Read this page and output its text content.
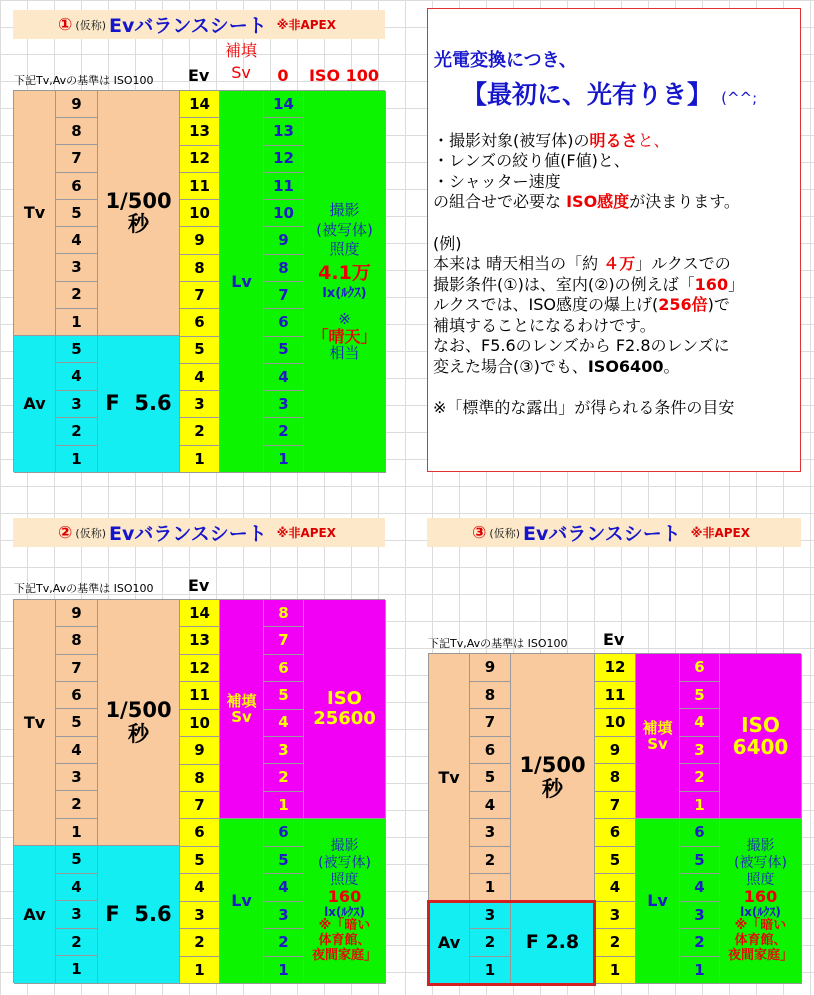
① (仮称) Evバランスシート ※非APEX
下記Tv,Avの基準は ISO100 Ev
補填
Sv	0	ISO 100
Tv
Av
9
8
7
6
5
4
3
2
1
5
4
3
2
1
1/500
秒
F  5.6
14
13
12
11
10
9
8
7
6
5
4
3
2
1
Lv
14
13
12
11
10
9
8
7
6
5
4
3
2
1
撮影
(被写体)
照度
4.1万
lx(ﾙｸｽ)
※
「晴天」
相当
光電変換につき、
【最初に、光有りき】 (^^;
・撮影対象(被写体)の明るさと、
・レンズの絞り値(F値)と、
・シャッター速度
の組合せで必要な ISO感度が決まります。
(例)
本来は 晴天相当の「約 ４万」ルクスでの
撮影条件(①)は、室内(②)の例えば「160」
ルクスでは、ISO感度の爆上げ(256倍)で
補填することになるわけです。
なお、F5.6のレンズから F2.8のレンズに
変えた場合(③)でも、ISO6400。
※「標準的な露出」が得られる条件の目安
② (仮称) Evバランスシート ※非APEX
下記Tv,Avの基準は ISO100 Ev
Tv
Av
9
8
7
6
5
4
3
2
1
5
4
3
2
1
1/500
秒
F  5.6
14
13
12
11
10
9
8
7
6
5
4
3
2
1
補填
Sv
Lv
8
7
6
5
4
3
2
1
6
5
4
3
2
1
ISO
25600
撮影
(被写体)
照度
160
lx(ﾙｸｽ)
※「暗い
体育館、
夜間家庭」
③ (仮称) Evバランスシート ※非APEX
下記Tv,Avの基準は ISO100 Ev
Tv
Av
9
8
7
6
5
4
3
2
1
3
2
1
1/500
秒
F 2.8
12
11
10
9
8
7
6
5
4
3
2
1
補填
Sv
Lv
6
5
4
3
2
1
6
5
4
3
2
1
ISO
6400
撮影
(被写体)
照度
160
lx(ﾙｸｽ)
※「暗い
体育館、
夜間家庭」
